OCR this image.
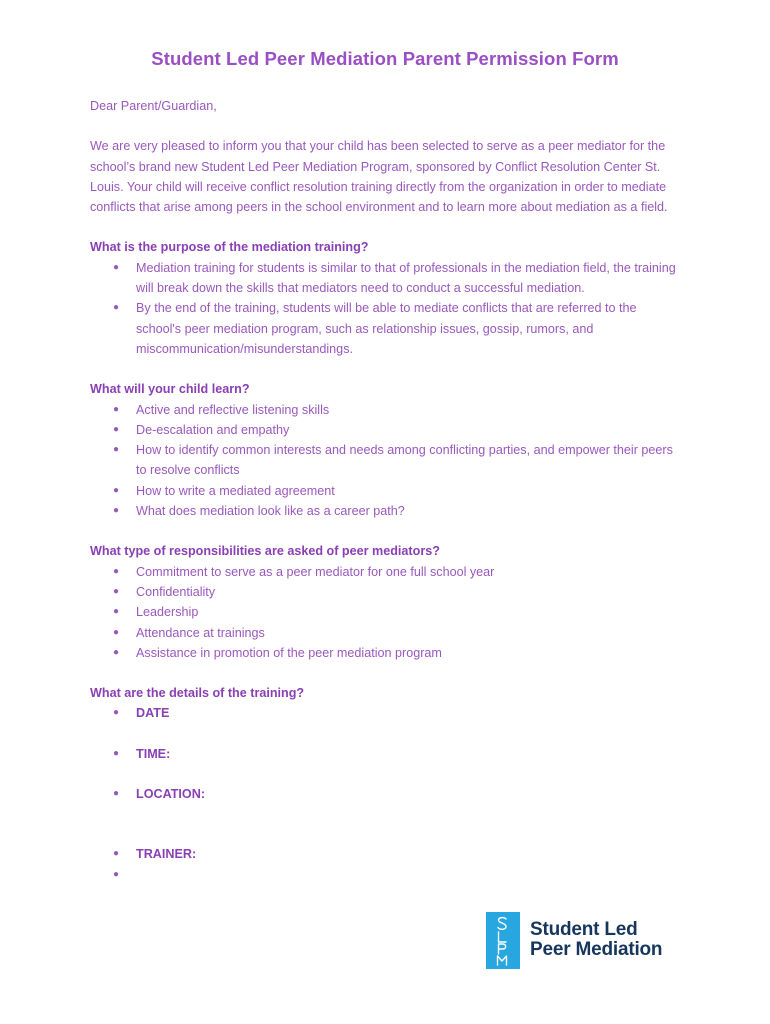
Student Led Peer Mediation Parent Permission Form

Dear Parent/Guardian,

We are very pleased to inform you that your child has been selected to serve as a peer mediator for the school’s brand new Student Led Peer Mediation Program, sponsored by Conflict Resolution Center St. Louis. Your child will receive conflict resolution training directly from the organization in order to mediate conflicts that arise among peers in the school environment and to learn more about mediation as a field.

What is the purpose of the mediation training?

● Mediation training for students is similar to that of professionals in the mediation field, the training will break down the skills that mediators need to conduct a successful mediation.
● By the end of the training, students will be able to mediate conflicts that are referred to the school's peer mediation program, such as relationship issues, gossip, rumors, and miscommunication/misunderstandings.

What will your child learn?

● Active and reflective listening skills
● De-escalation and empathy
● How to identify common interests and needs among conflicting parties, and empower their peers to resolve conflicts
● How to write a mediated agreement
● What does mediation look like as a career path?

What type of responsibilities are asked of peer mediators?

● Commitment to serve as a peer mediator for one full school year
● Confidentiality
● Leadership
● Attendance at trainings
● Assistance in promotion of the peer mediation program

What are the details of the training?

● DATE
● TIME:
● LOCATION:
● TRAINER:
●
Student Led
Peer Mediation
